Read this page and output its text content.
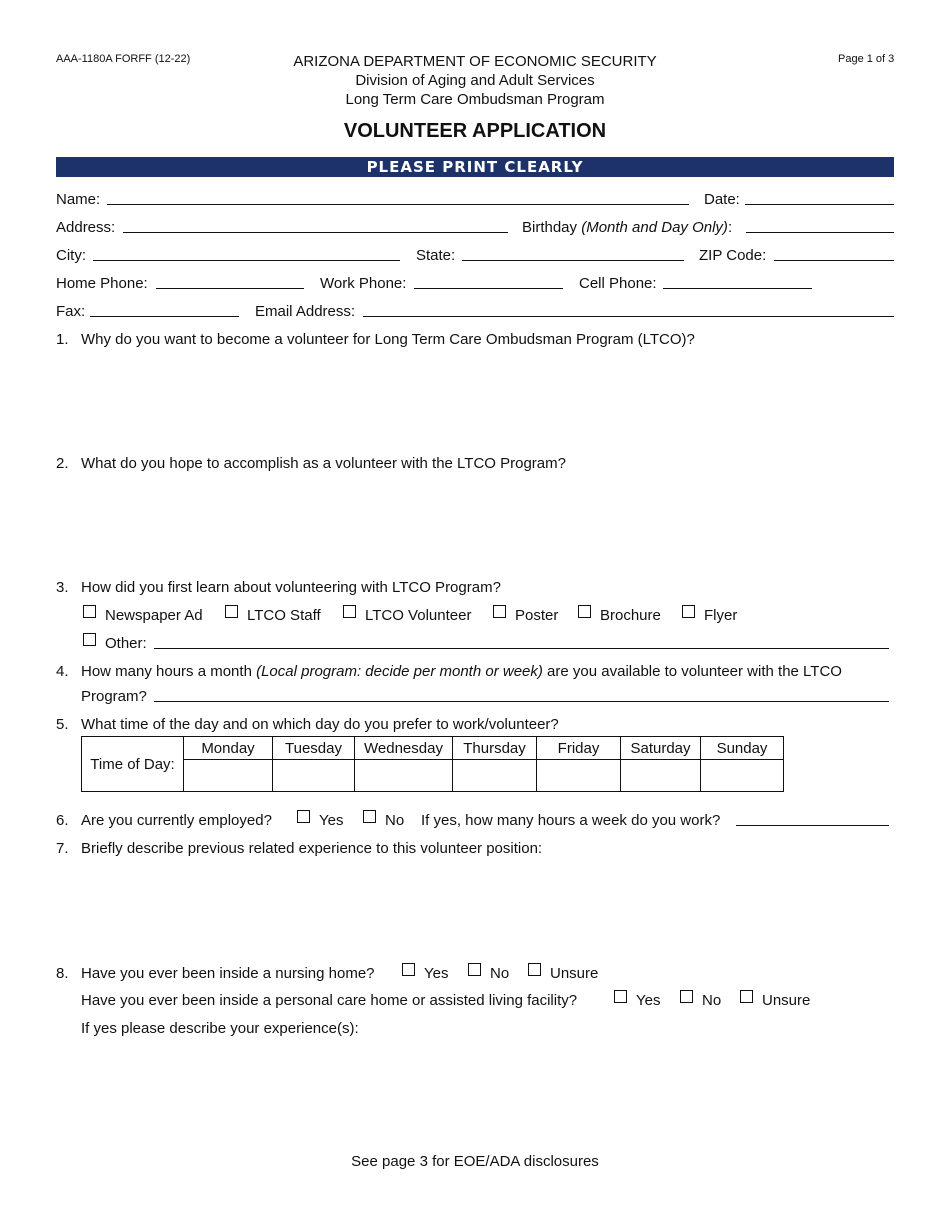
AAA-1180A FORFF (12-22)	Page 1 of 3
ARIZONA DEPARTMENT OF ECONOMIC SECURITY
Division of Aging and Adult Services
Long Term Care Ombudsman Program
VOLUNTEER APPLICATION
PLEASE PRINT CLEARLY
Name:	Date:
Address:	Birthday (Month and Day Only):
City:	State:	ZIP Code:
Home Phone:	Work Phone:	Cell Phone:
Fax:	Email Address:
1. Why do you want to become a volunteer for Long Term Care Ombudsman Program (LTCO)?
2. What do you hope to accomplish as a volunteer with the LTCO Program?
3. How did you first learn about volunteering with LTCO Program?
Newspaper Ad	LTCO Staff	LTCO Volunteer	Poster	Brochure	Flyer
Other:
4. How many hours a month (Local program: decide per month or week) are you available to volunteer with the LTCO
Program?
5. What time of the day and on which day do you prefer to work/volunteer?
Time of Day:	Monday	Tuesday	Wednesday	Thursday	Friday	Saturday	Sunday

6. Are you currently employed?	Yes	No If yes, how many hours a week do you work?
7. Briefly describe previous related experience to this volunteer position:
8. Have you ever been inside a nursing home?	Yes	No	Unsure
Have you ever been inside a personal care home or assisted living facility?	Yes	No	Unsure
If yes please describe your experience(s):
See page 3 for EOE/ADA disclosures
